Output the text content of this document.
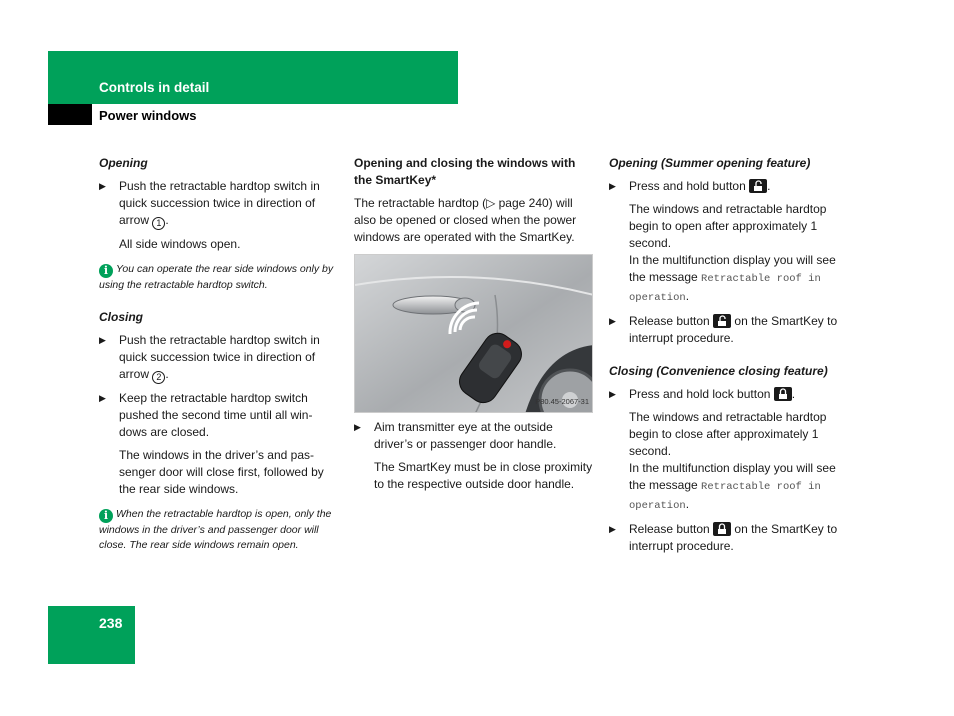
Controls in detail
Power windows
Opening
▶ Push the retractable hardtop switch in quick succession twice in direction of arrow 1 .
All side windows open.
i You can operate the rear side windows only by using the retractable hardtop switch.
Closing
▶ Push the retractable hardtop switch in quick succession twice in direction of arrow 2 .
▶ Keep the retractable hardtop switch pushed the second time until all win-dows are closed.
The windows in the driver’s and pas-senger door will close first, followed by the rear side windows.
i When the retractable hardtop is open, only the windows in the driver’s and passenger door will close. The rear side windows remain open.
Opening and closing the windows with the SmartKey*

The retractable hardtop (▷ page 240) will also be opened or closed when the power windows are operated with the SmartKey.

P80.45-2067-31
▶ Aim transmitter eye at the outside driver’s or passenger door handle.
The SmartKey must be in close proximity to the respective outside door handle.
Opening (Summer opening feature)
▶ Press and hold button
.
The windows and retractable hardtop begin to open after approximately 1 second.
In the multifunction display you will see the message Retractable roof in operation.
▶ Release button
on the SmartKey to interrupt procedure.
Closing (Convenience closing feature)
▶ Press and hold lock button
.
The windows and retractable hardtop begin to close after approximately 1 second.
In the multifunction display you will see the message Retractable roof in operation.
▶ Release button
on the SmartKey to interrupt procedure.
238
